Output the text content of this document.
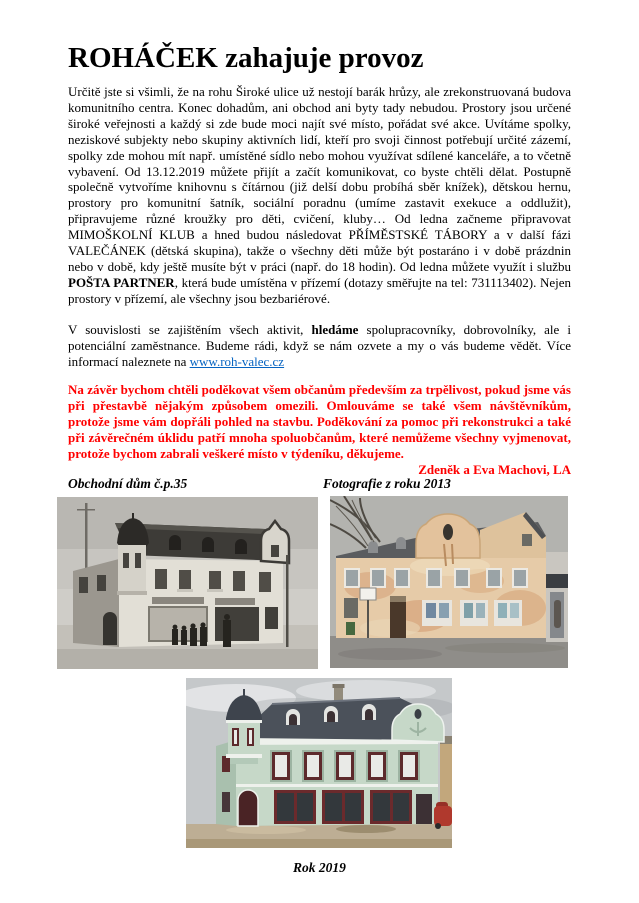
ROHÁČEK zahajuje provoz

Určitě jste si všimli, že na rohu Široké ulice už nestojí barák hrůzy, ale zrekonstruovaná budova komunitního centra. Konec dohadům, ani obchod ani byty tady nebudou. Prostory jsou určené široké veřejnosti a každý si zde bude moci najít své místo, pořádat své akce. Uvítáme spolky, neziskové subjekty nebo skupiny aktivních lidí, kteří pro svoji činnost potřebují určité zázemí, spolky zde mohou mít např. umístěné sídlo nebo mohou využívat sdílené kanceláře, a to včetně vybavení. Od 13.12.2019 můžete přijít a začít komunikovat, co byste chtěli dělat. Postupně společně vytvoříme knihovnu s čítárnou (již delší dobu probíhá sběr knížek), dětskou hernu, prostory pro komunitní šatník, sociální poradnu (umíme zastavit exekuce a oddlužit), připravujeme různé kroužky pro děti, cvičení, kluby… Od ledna začneme připravovat MIMOŠKOLNÍ KLUB a hned budou následovat PŘÍMĚSTSKÉ TÁBORY a v další fázi VALEČÁNEK (dětská skupina), takže o všechny děti může být postaráno i v době prázdnin nebo v době, kdy ještě musíte být v práci (např. do 18 hodin). Od ledna můžete využít i službu POŠTA PARTNER, která bude umístěna v přízemí (dotazy směřujte na tel: 731113402). Nejen prostory v přízemí, ale všechny jsou bezbariérové.

V souvislosti se zajištěním všech aktivit, hledáme spolupracovníky, dobrovolníky, ale i potenciální zaměstnance. Budeme rádi, když se nám ozvete a my o vás budeme vědět. Více informací naleznete na www.roh-valec.cz

Na závěr bychom chtěli poděkovat všem občanům především za trpělivost, pokud jsme vás při přestavbě nějakým způsobem omezili. Omlouváme se také všem návštěvníkům, protože jsme vám dopřáli pohled na stavbu. Poděkování za pomoc při rekonstrukci a také při závěrečném úklidu patří mnoha spoluobčanům, které nemůžeme všechny vyjmenovat, protože bychom zabrali veškeré místo v týdeníku, děkujeme.

Zdeněk a Eva Machovi, LA

Obchodní dům č.p.35	Fotografie z roku 2013

Rok 2019
